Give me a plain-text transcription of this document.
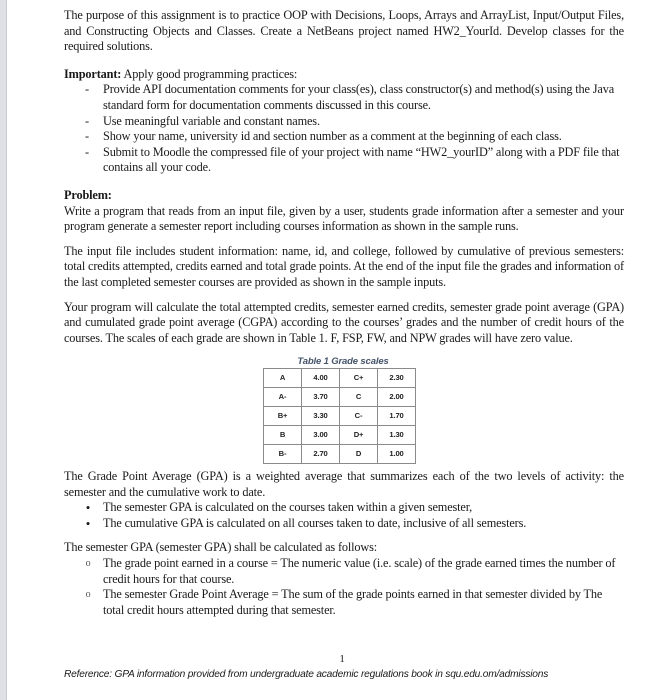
The purpose of this assignment is to practice OOP with Decisions, Loops, Arrays and ArrayList, Input/Output Files, and Constructing Objects and Classes. Create a NetBeans project named HW2_YourId. Develop classes for the required solutions.

Important: Apply good programming practices:

-	Provide API documentation comments for your class(es), class constructor(s) and method(s) using the Java standard form for documentation comments discussed in this course.
-	Use meaningful variable and constant names.
-	Show your name, university id and section number as a comment at the beginning of each class.
-	Submit to Moodle the compressed file of your project with name “HW2_yourID” along with a PDF file that contains all your code.

Problem:

Write a program that reads from an input file, given by a user, students grade information after a semester and your program generate a semester report including courses information as shown in the sample runs.

The input file includes student information: name, id, and college, followed by cumulative of previous semesters: total credits attempted, credits earned and total grade points. At the end of the input file the grades and information of the last completed semester courses are provided as shown in the sample inputs.

Your program will calculate the total attempted credits, semester earned credits, semester grade point average (GPA) and cumulated grade point average (CGPA) according to the courses’ grades and the number of credit hours of the courses. The scales of each grade are shown in Table 1. F, FSP, FW, and NPW grades will have zero value.

Table 1 Grade scales
A	4.00	C+	2.30
A-	3.70	C	2.00
B+	3.30	C-	1.70
B	3.00	D+	1.30
B-	2.70	D	1.00

The Grade Point Average (GPA) is a weighted average that summarizes each of the two levels of activity: the semester and the cumulative work to date.

•	The semester GPA is calculated on the courses taken within a given semester,
•	The cumulative GPA is calculated on all courses taken to date, inclusive of all semesters.

The semester GPA (semester GPA) shall be calculated as follows:

o The grade point earned in a course = The numeric value (i.e. scale) of the grade earned times the number of credit hours for that course.
o The semester Grade Point Average = The sum of the grade points earned in that semester divided by The total credit hours attempted during that semester.
1
Reference: GPA information provided from undergraduate academic regulations book in squ.edu.om/admissions
